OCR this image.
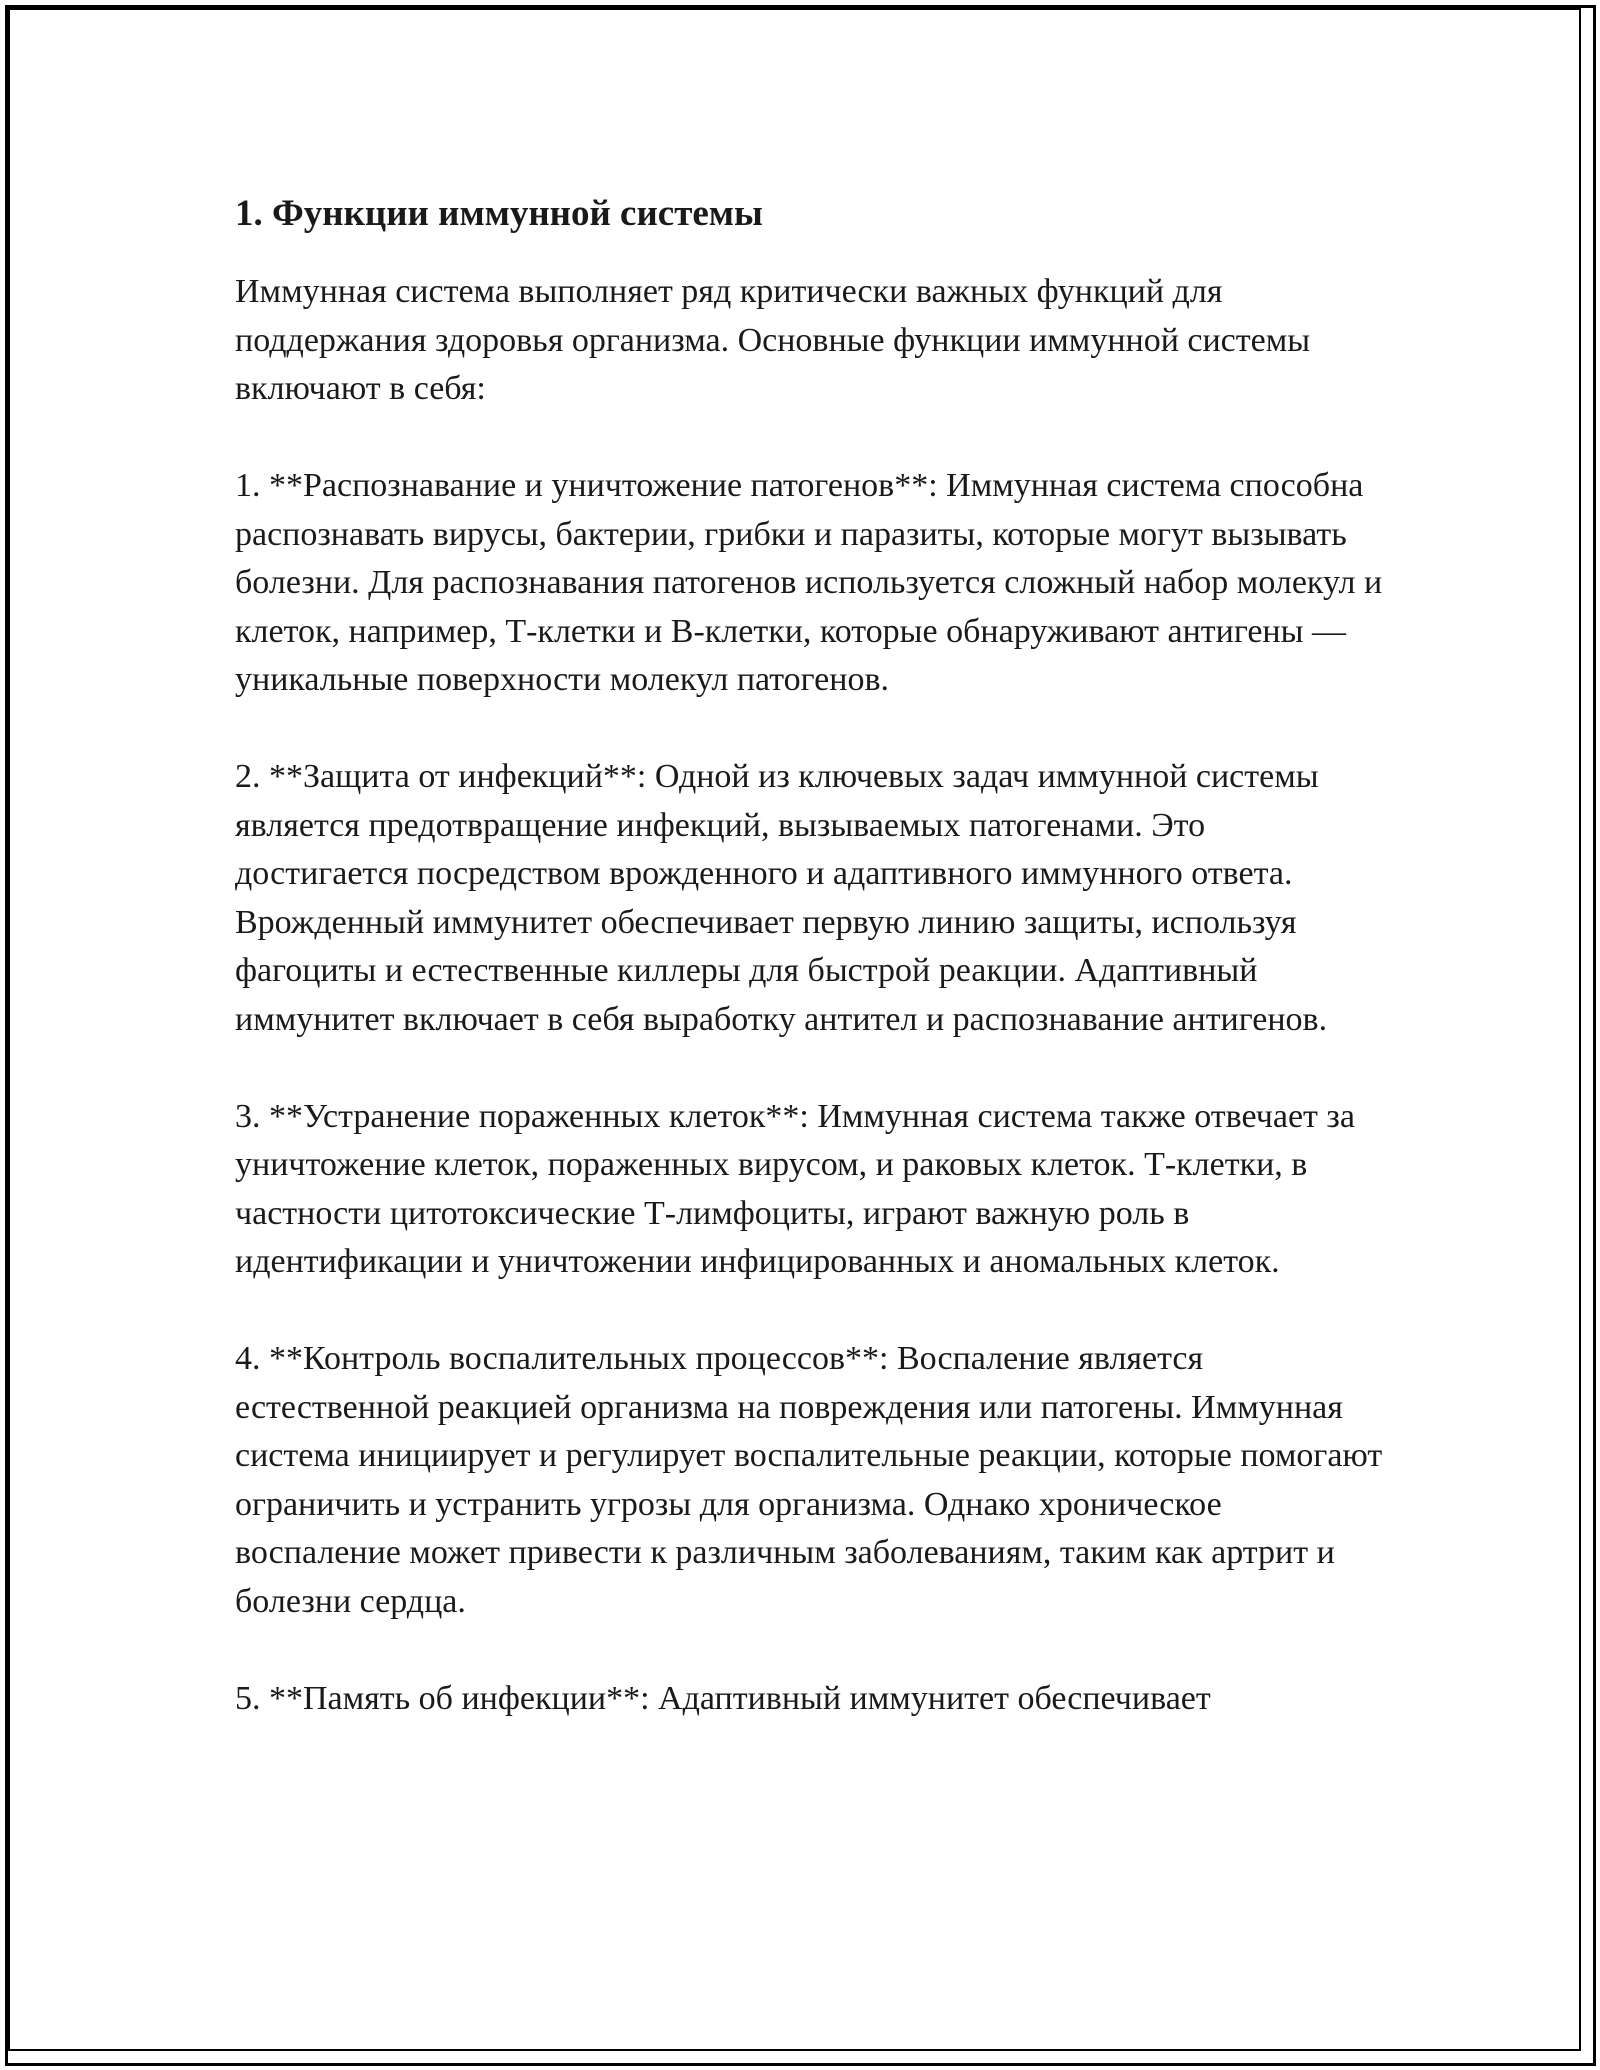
1. Функции иммунной системы

Иммунная система выполняет ряд критически важных функций для поддержания здоровья организма. Основные функции иммунной системы включают в себя:

1. **Распознавание и уничтожение патогенов**: Иммунная система способна распознавать вирусы, бактерии, грибки и паразиты, которые могут вызывать болезни. Для распознавания патогенов используется сложный набор молекул и клеток, например, Т-клетки и В-клетки, которые обнаруживают антигены — уникальные поверхности молекул патогенов.

2. **Защита от инфекций**: Одной из ключевых задач иммунной системы является предотвращение инфекций, вызываемых патогенами. Это достигается посредством врожденного и адаптивного иммунного ответа. Врожденный иммунитет обеспечивает первую линию защиты, используя фагоциты и естественные киллеры для быстрой реакции. Адаптивный иммунитет включает в себя выработку антител и распознавание антигенов.

3. **Устранение пораженных клеток**: Иммунная система также отвечает за уничтожение клеток, пораженных вирусом, и раковых клеток. Т-клетки, в частности цитотоксические Т-лимфоциты, играют важную роль в идентификации и уничтожении инфицированных и аномальных клеток.

4. **Контроль воспалительных процессов**: Воспаление является естественной реакцией организма на повреждения или патогены. Иммунная система инициирует и регулирует воспалительные реакции, которые помогают ограничить и устранить угрозы для организма. Однако хроническое воспаление может привести к различным заболеваниям, таким как артрит и болезни сердца.

5. **Память об инфекции**: Адаптивный иммунитет обеспечивает
